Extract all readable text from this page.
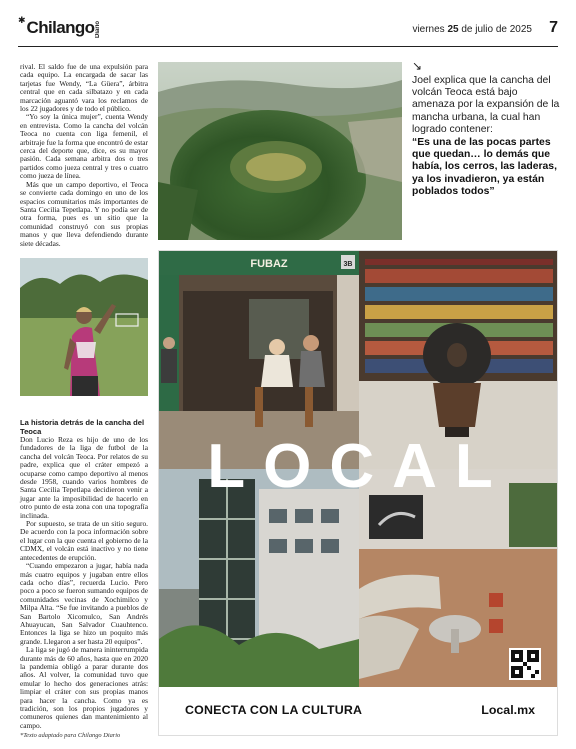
✱ Chilango Diario	viernes 25 de julio de 2025 7

rival. El saldo fue de una expulsión para cada equipo. La encargada de sacar las tarjetas fue Wendy, “La Güera”, árbitra central que en cada silbatazo y en cada marcación aguantó vara los reclamos de los 22 jugadores y de todo el público.

“Yo soy la única mujer”, cuenta Wendy en entrevista. Como la cancha del volcán Teoca no cuenta con liga femenil, el arbitraje fue la forma que encontró de estar cerca del deporte que, dice, es su mayor pasión. Cada semana arbitra dos o tres partidos como jueza central y tres o cuatro como jueza de línea.

Más que un campo deportivo, el Teoca se convierte cada domingo en uno de los espacios comunitarios más importantes de Santa Cecilia Tepetlapa. Y no podía ser de otra forma, pues es un sitio que la comunidad construyó con sus propias manos y que lleva defendiendo durante siete décadas.

↘
Joel explica que la cancha del volcán Teoca está bajo amenaza por la expansión de la mancha urbana, la cual han logrado contener:
“Es una de las pocas partes que quedan… lo demás que había, los cerros, las laderas, ya los invadieron, ya están poblados todos”
La historia detrás de la cancha del Teoca

Don Lucio Reza es hijo de uno de los fundadores de la liga de futbol de la cancha del volcán Teoca. Por relatos de su padre, explica que el cráter empezó a ocuparse como campo deportivo al menos desde 1958, cuando varios hombres de Santa Cecilia Tepetlapa decidieron venir a jugar ante la imposibilidad de hacerlo en otro punto de esta zona con una topografía inclinada.

Por supuesto, se trata de un sitio seguro. De acuerdo con la poca información sobre el lugar con la que cuenta el gobierno de la CDMX, el volcán está inactivo y no tiene antecedentes de erupción.

“Cuando empezaron a jugar, había nada más cuatro equipos y jugaban entre ellos cada ocho días”, recuerda Lucio. Pero poco a poco se fueron sumando equipos de comunidades vecinas de Xochimilco y Milpa Alta. “Se fue invitando a pueblos de San Bartolo Xicomulco, San Andrés Ahuayucan, San Salvador Cuauhtenco. Entonces la liga se hizo un poquito más grande. Llegaron a ser hasta 20 equipos”.

La liga se jugó de manera ininterrumpida durante más de 60 años, hasta que en 2020 la pandemia obligó a parar durante dos años. Al volver, la comunidad tuvo que emular lo hecho dos generaciones atrás: limpiar el cráter con sus propias manos para hacer la cancha. Como ya es tradición, son los propios jugadores y comuneros quienes dan mantenimiento al campo.

*Texto adaptado para Chilango Diario
FUBAZ	3B
LOCAL
CONECTA CON LA CULTURA	Local.mx
